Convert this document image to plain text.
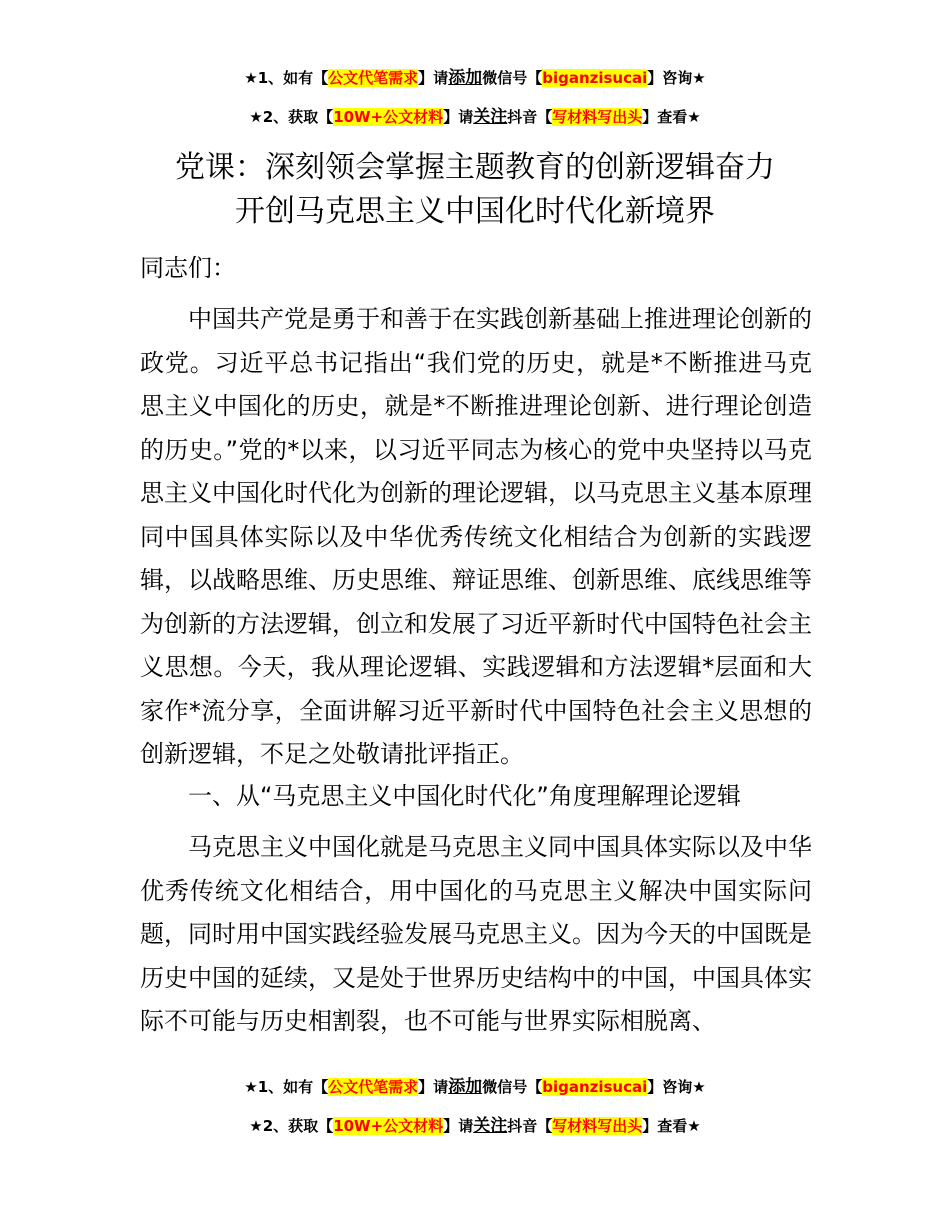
★1、如有【公文代笔需求】请添加微信号【biganzisucai】咨询★
★2、获取【10W+公文材料】请关注抖音【写材料写出头】查看★
党课：深刻领会掌握主题教育的创新逻辑奋力
开创马克思主义中国化时代化新境界
同志们：
中国共产党是勇于和善于在实践创新基础上推进理论创新的政党。习近平总书记指出“我们党的历史，就是*不断推进马克思主义中国化的历史，就是*不断推进理论创新、进行理论创造的历史。”党的*以来，以习近平同志为核心的党中央坚持以马克思主义中国化时代化为创新的理论逻辑，以马克思主义基本原理同中国具体实际以及中华优秀传统文化相结合为创新的实践逻辑，以战略思维、历史思维、辩证思维、创新思维、底线思维等为创新的方法逻辑，创立和发展了习近平新时代中国特色社会主义思想。今天，我从理论逻辑、实践逻辑和方法逻辑*层面和大家作*流分享，全面讲解习近平新时代中国特色社会主义思想的创新逻辑，不足之处敬请批评指正。
一、从“马克思主义中国化时代化”角度理解理论逻辑
马克思主义中国化就是马克思主义同中国具体实际以及中华优秀传统文化相结合，用中国化的马克思主义解决中国实际问题，同时用中国实践经验发展马克思主义。因为今天的中国既是历史中国的延续，又是处于世界历史结构中的中国，中国具体实际不可能与历史相割裂，也不可能与世界实际相脱离、
★1、如有【公文代笔需求】请添加微信号【biganzisucai】咨询★
★2、获取【10W+公文材料】请关注抖音【写材料写出头】查看★
